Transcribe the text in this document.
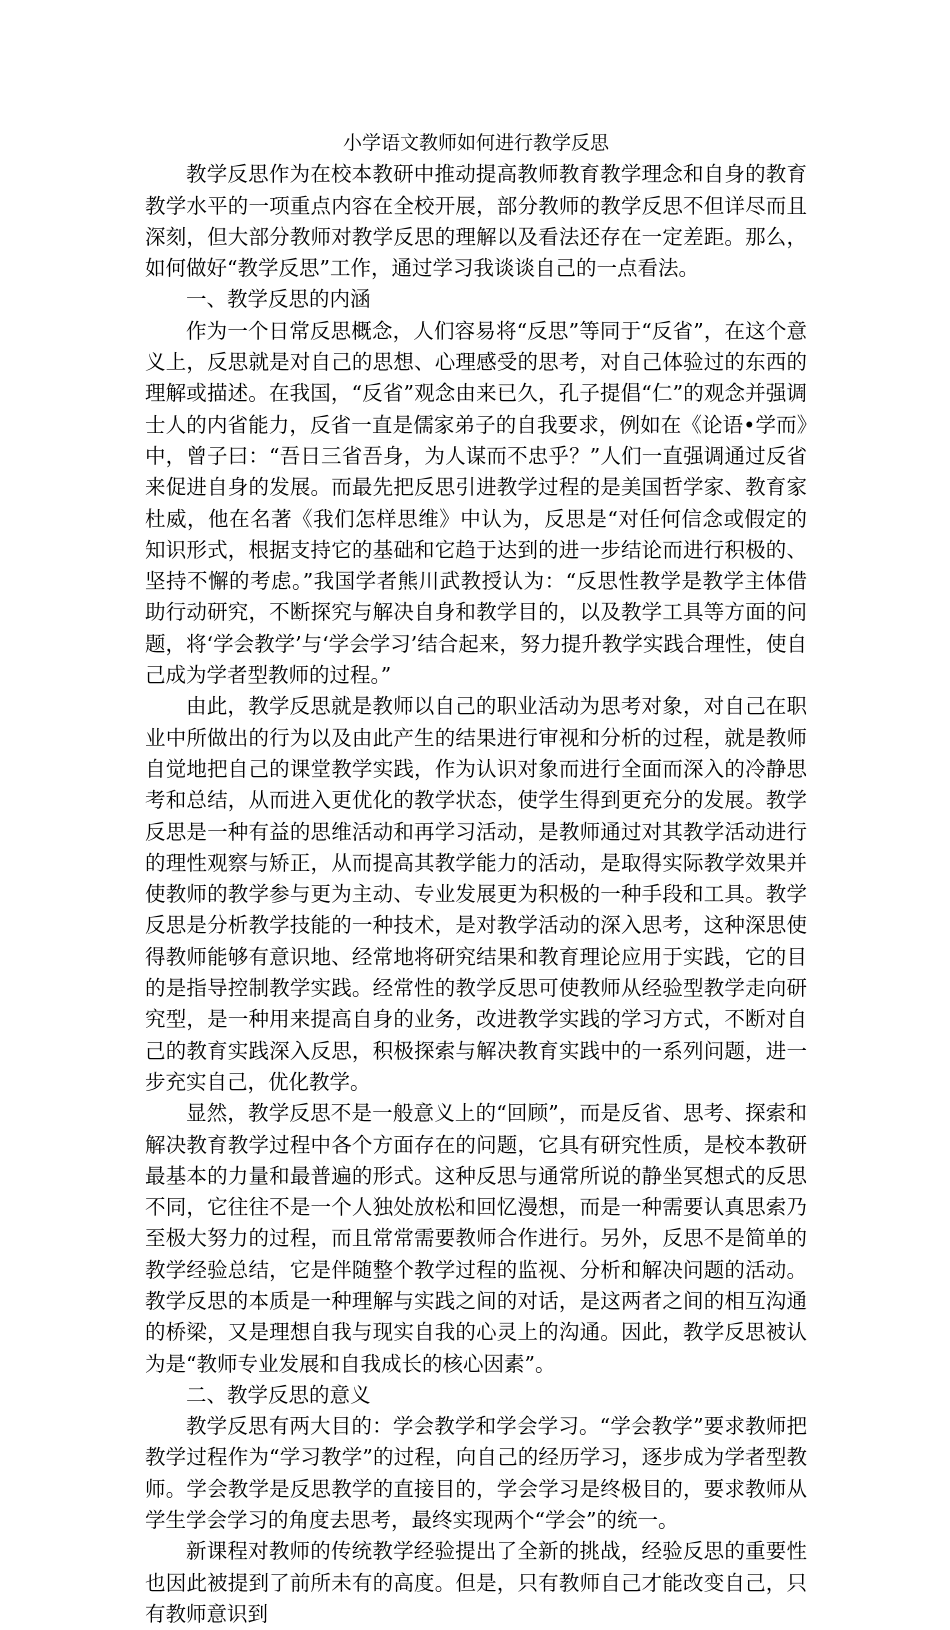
小学语文教师如何进行教学反思

教学反思作为在校本教研中推动提高教师教育教学理念和自身的教育教学水平的一项重点内容在全校开展，部分教师的教学反思不但详尽而且深刻，但大部分教师对教学反思的理解以及看法还存在一定差距。那么，如何做好“教学反思”工作，通过学习我谈谈自己的一点看法。

一、教学反思的内涵

作为一个日常反思概念，人们容易将“反思”等同于“反省”，在这个意义上，反思就是对自己的思想、心理感受的思考，对自己体验过的东西的理解或描述。在我国，“反省”观念由来已久，孔子提倡“仁”的观念并强调士人的内省能力，反省一直是儒家弟子的自我要求，例如在《论语•学而》中，曾子曰：“吾日三省吾身，为人谋而不忠乎？”人们一直强调通过反省来促进自身的发展。而最先把反思引进教学过程的是美国哲学家、教育家杜威，他在名著《我们怎样思维》中认为，反思是“对任何信念或假定的知识形式，根据支持它的基础和它趋于达到的进一步结论而进行积极的、坚持不懈的考虑。”我国学者熊川武教授认为：“反思性教学是教学主体借助行动研究，不断探究与解决自身和教学目的，以及教学工具等方面的问题，将‘学会教学’与‘学会学习’结合起来，努力提升教学实践合理性，使自己成为学者型教师的过程。”

由此，教学反思就是教师以自己的职业活动为思考对象，对自己在职业中所做出的行为以及由此产生的结果进行审视和分析的过程，就是教师自觉地把自己的课堂教学实践，作为认识对象而进行全面而深入的冷静思考和总结，从而进入更优化的教学状态，使学生得到更充分的发展。教学反思是一种有益的思维活动和再学习活动，是教师通过对其教学活动进行的理性观察与矫正，从而提高其教学能力的活动，是取得实际教学效果并使教师的教学参与更为主动、专业发展更为积极的一种手段和工具。教学反思是分析教学技能的一种技术，是对教学活动的深入思考，这种深思使得教师能够有意识地、经常地将研究结果和教育理论应用于实践，它的目的是指导控制教学实践。经常性的教学反思可使教师从经验型教学走向研究型，是一种用来提高自身的业务，改进教学实践的学习方式，不断对自己的教育实践深入反思，积极探索与解决教育实践中的一系列问题，进一步充实自己，优化教学。

显然，教学反思不是一般意义上的“回顾”，而是反省、思考、探索和解决教育教学过程中各个方面存在的问题，它具有研究性质，是校本教研最基本的力量和最普遍的形式。这种反思与通常所说的静坐冥想式的反思不同，它往往不是一个人独处放松和回忆漫想，而是一种需要认真思索乃至极大努力的过程，而且常常需要教师合作进行。另外，反思不是简单的教学经验总结，它是伴随整个教学过程的监视、分析和解决问题的活动。教学反思的本质是一种理解与实践之间的对话，是这两者之间的相互沟通的桥梁，又是理想自我与现实自我的心灵上的沟通。因此，教学反思被认为是“教师专业发展和自我成长的核心因素”。

二、教学反思的意义

教学反思有两大目的：学会教学和学会学习。“学会教学”要求教师把教学过程作为“学习教学”的过程，向自己的经历学习，逐步成为学者型教师。学会教学是反思教学的直接目的，学会学习是终极目的，要求教师从学生学会学习的角度去思考，最终实现两个“学会”的统一。

新课程对教师的传统教学经验提出了全新的挑战，经验反思的重要性也因此被提到了前所未有的高度。但是，只有教师自己才能改变自己，只有教师意识到
